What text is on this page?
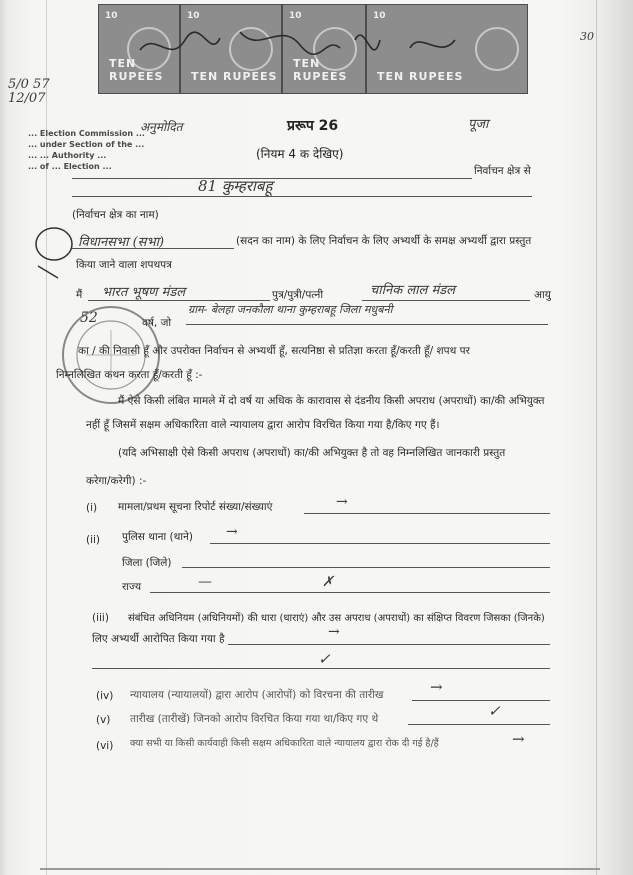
10
TEN RUPEES
10
TEN RUPEES
10
TEN RUPEES
10
TEN RUPEES
30
5/0 57
12/07
... Election Commission ...
... under Section of the ...
... ... Authority ...
... of ... Election ...
अनुमोदित	प्ररूप 26
(नियम 4 क देखिए)
पूजा
निर्वाचन क्षेत्र से
81 कुम्हराबहू
(निर्वाचन क्षेत्र का नाम)
विधानसभा (सभा)	(सदन का नाम) के लिए निर्वाचन के लिए अभ्यर्थी के समक्ष अभ्यर्थी द्वारा प्रस्तुत
किया जाने वाला शपथपत्र
मैं भारत भूषण मंडल	पुत्र/पुत्री/पत्नी	चानिक लाल मंडल	आयु
52	वर्ष, जो
ग्राम- बेलहा जनकौला थाना कुम्हराबहू जिला मधुबनी
का / की निवासी हूँ और उपरोक्त निर्वाचन से अभ्यर्थी हूँ, सत्यनिष्ठा से प्रतिज्ञा करता हूँ/करती हूँ/ शपथ पर
निम्नलिखित कथन करता हूँ/करती हूँ :-
मैं ऐसे किसी लंबित मामले में दो वर्ष या अधिक के कारावास से दंडनीय किसी अपराध (अपराधों) का/की अभियुक्त
नहीं हूँ जिसमें सक्षम अधिकारिता वाले न्यायालय द्वारा आरोप विरचित किया गया है/किए गए हैं।
(यदि अभिसाक्षी ऐसे किसी अपराध (अपराधों) का/की अभियुक्त है तो वह निम्नलिखित जानकारी प्रस्तुत
करेगा/करेगी) :-
(i) मामला/प्रथम सूचना रिपोर्ट संख्या/संख्याएं	→
(ii) पुलिस थाना (थाने) →
जिला (जिले)
राज्य	—	✗
(iii) संबंधित अधिनियम (अधिनियमों) की धारा (धाराएं) और उस अपराध (अपराधों) का संक्षिप्त विवरण जिसका (जिनके)
लिए अभ्यर्थी आरोपित किया गया है	→
✓
(iv) न्यायालय (न्यायालयों) द्वारा आरोप (आरोपों) को विरचना की तारीख	→
(v) तारीख (तारीखें) जिनको आरोप विरचित किया गया था/किए गए थे	✓
(vi) क्या सभी या किसी कार्यवाही किसी सक्षम अधिकारिता वाले न्यायालय द्वारा रोक दी गई है/हैं	→
